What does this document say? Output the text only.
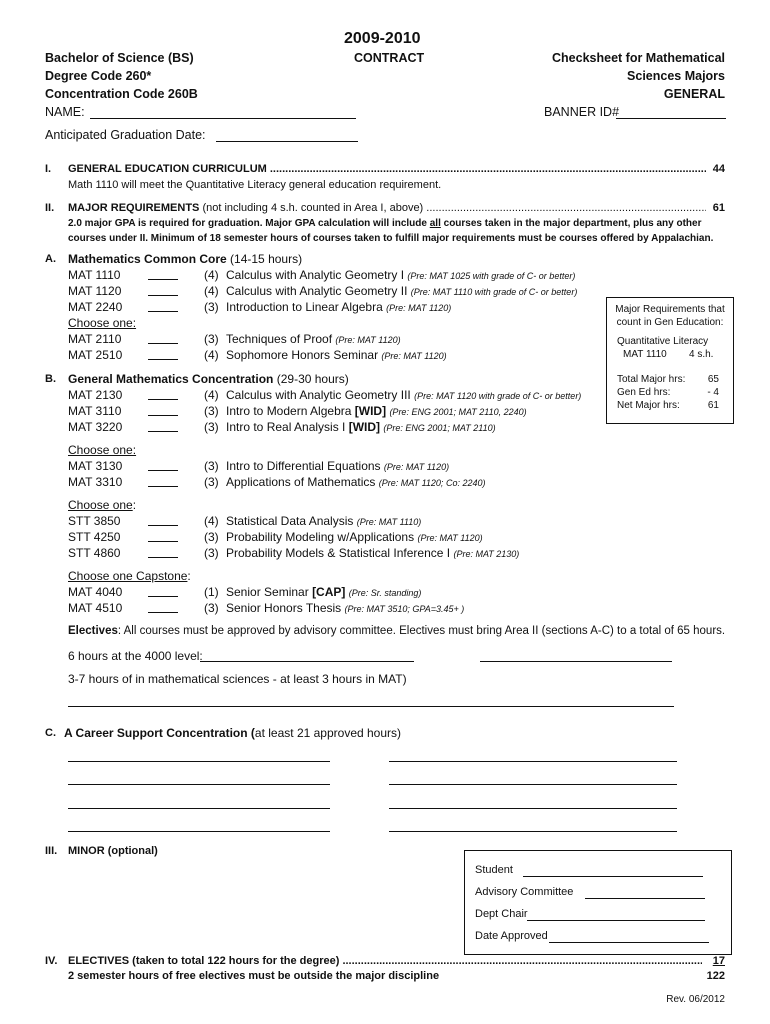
2009-2010
CONTRACT
Bachelor of Science (BS)
Degree Code 260*
Concentration Code 260B
NAME:
Checksheet for Mathematical
Sciences Majors
GENERAL
BANNER ID#
Anticipated Graduation Date:
I. GENERAL EDUCATION CURRICULUM .....	44
Math 1110 will meet the Quantitative Literacy general education requirement.
II. MAJOR REQUIREMENTS (not including 4 s.h. counted in Area I, above) .....	61
2.0 major GPA is required for graduation. Major GPA calculation will include all courses taken in the major department, plus any other
courses under II. Minimum of 18 semester hours of courses taken to fulfill major requirements must be courses offered by Appalachian.
A. Mathematics Common Core (14-15 hours)
MAT 1110	(4) Calculus with Analytic Geometry I (Pre: MAT 1025 with grade of C- or better)
MAT 1120	(4) Calculus with Analytic Geometry II (Pre: MAT 1110 with grade of C- or better)
MAT 2240	(3) Introduction to Linear Algebra (Pre: MAT 1120)
Choose one:
MAT 2110	(3) Techniques of Proof (Pre: MAT 1120)
MAT 2510	(4) Sophomore Honors Seminar (Pre: MAT 1120)
Major Requirements that
count in Gen Education:
Quantitative Literacy
MAT 1110 4 s.h.
Total Major hrs: 65
Gen Ed hrs:	- 4
Net Major hrs:	61
B. General Mathematics Concentration (29-30 hours)
MAT 2130	(4) Calculus with Analytic Geometry III (Pre: MAT 1120 with grade of C- or better)
MAT 3110	(3) Intro to Modern Algebra [WID] (Pre: ENG 2001; MAT 2110, 2240)
MAT 3220	(3) Intro to Real Analysis I [WID] (Pre: ENG 2001; MAT 2110)
Choose one:
MAT 3130	(3) Intro to Differential Equations (Pre: MAT 1120)
MAT 3310	(3) Applications of Mathematics (Pre: MAT 1120; Co: 2240)
Choose one:
STT 3850	(4) Statistical Data Analysis (Pre: MAT 1110)
STT 4250	(3) Probability Modeling w/Applications (Pre: MAT 1120)
STT 4860	(3) Probability Models & Statistical Inference I (Pre: MAT 2130)
Choose one Capstone:
MAT 4040	(1) Senior Seminar [CAP] (Pre: Sr. standing)
MAT 4510	(3) Senior Honors Thesis (Pre: MAT 3510; GPA=3.45+ )
Electives: All courses must be approved by advisory committee. Electives must bring Area II (sections A-C) to a total of 65 hours.
6 hours at the 4000 level:
3-7 hours of in mathematical sciences - at least 3 hours in MAT)
C. A Career Support Concentration (at least 21 approved hours)
III. MINOR (optional)
Student
Advisory Committee
Dept Chair
Date Approved
IV. ELECTIVES (taken to total 122 hours for the degree) .....	17
2 semester hours of free electives must be outside the major discipline	122
Rev. 06/2012
